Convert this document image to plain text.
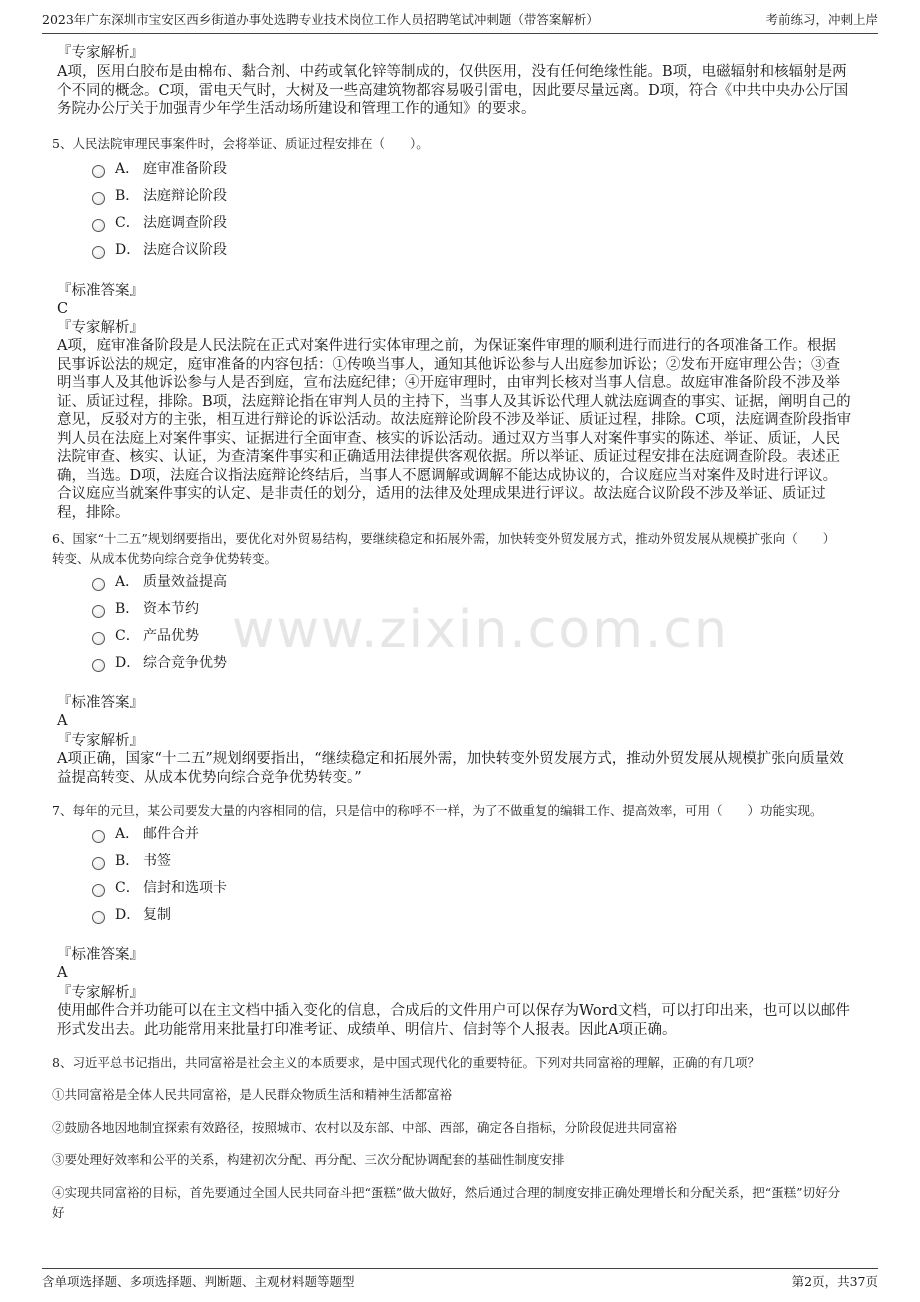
2023年广东深圳市宝安区西乡街道办事处选聘专业技术岗位工作人员招聘笔试冲刺题（带答案解析）	考前练习，冲刺上岸
www.zixin.com.cn
『专家解析』
A项，医用白胶布是由棉布、黏合剂、中药或氧化锌等制成的，仅供医用，没有任何绝缘性能。B项，电磁辐射和核辐射是两
个不同的概念。C项，雷电天气时，大树及一些高建筑物都容易吸引雷电，因此要尽量远离。D项，符合《中共中央办公厅国
务院办公厅关于加强青少年学生活动场所建设和管理工作的通知》的要求。
5、人民法院审理民事案件时，会将举证、质证过程安排在（　　）。
A． 庭审准备阶段
B． 法庭辩论阶段
C． 法庭调查阶段
D． 法庭合议阶段
『标准答案』
C
『专家解析』
A项，庭审准备阶段是人民法院在正式对案件进行实体审理之前，为保证案件审理的顺利进行而进行的各项准备工作。根据
民事诉讼法的规定，庭审准备的内容包括：①传唤当事人，通知其他诉讼参与人出庭参加诉讼；②发布开庭审理公告；③查
明当事人及其他诉讼参与人是否到庭，宣布法庭纪律；④开庭审理时，由审判长核对当事人信息。故庭审准备阶段不涉及举
证、质证过程，排除。B项，法庭辩论指在审判人员的主持下，当事人及其诉讼代理人就法庭调查的事实、证据，阐明自己的
意见，反驳对方的主张，相互进行辩论的诉讼活动。故法庭辩论阶段不涉及举证、质证过程，排除。C项，法庭调查阶段指审
判人员在法庭上对案件事实、证据进行全面审查、核实的诉讼活动。通过双方当事人对案件事实的陈述、举证、质证，人民
法院审查、核实、认证，为查清案件事实和正确适用法律提供客观依据。所以举证、质证过程安排在法庭调查阶段。表述正
确，当选。D项，法庭合议指法庭辩论终结后，当事人不愿调解或调解不能达成协议的，合议庭应当对案件及时进行评议。
合议庭应当就案件事实的认定、是非责任的划分，适用的法律及处理成果进行评议。故法庭合议阶段不涉及举证、质证过
程，排除。
6、国家“十二五”规划纲要指出，要优化对外贸易结构，要继续稳定和拓展外需，加快转变外贸发展方式，推动外贸发展从规模扩张向（　　）
转变、从成本优势向综合竞争优势转变。
A． 质量效益提高
B． 资本节约
C． 产品优势
D． 综合竞争优势
『标准答案』
A
『专家解析』
A项正确，国家“十二五”规划纲要指出，“继续稳定和拓展外需，加快转变外贸发展方式，推动外贸发展从规模扩张向质量效
益提高转变、从成本优势向综合竞争优势转变。”
7、每年的元旦，某公司要发大量的内容相同的信，只是信中的称呼不一样，为了不做重复的编辑工作、提高效率，可用（　　）功能实现。
A． 邮件合并
B． 书签
C． 信封和选项卡
D． 复制
『标准答案』
A
『专家解析』
使用邮件合并功能可以在主文档中插入变化的信息，合成后的文件用户可以保存为Word文档，可以打印出来，也可以以邮件
形式发出去。此功能常用来批量打印准考证、成绩单、明信片、信封等个人报表。因此A项正确。
8、习近平总书记指出，共同富裕是社会主义的本质要求，是中国式现代化的重要特征。下列对共同富裕的理解，正确的有几项？
①共同富裕是全体人民共同富裕，是人民群众物质生活和精神生活都富裕
②鼓励各地因地制宜探索有效路径，按照城市、农村以及东部、中部、西部，确定各自指标，分阶段促进共同富裕
③要处理好效率和公平的关系，构建初次分配、再分配、三次分配协调配套的基础性制度安排
④实现共同富裕的目标，首先要通过全国人民共同奋斗把“蛋糕”做大做好，然后通过合理的制度安排正确处理增长和分配关系，把“蛋糕”切好分
好
含单项选择题、多项选择题、判断题、主观材料题等题型	第2页，共37页
